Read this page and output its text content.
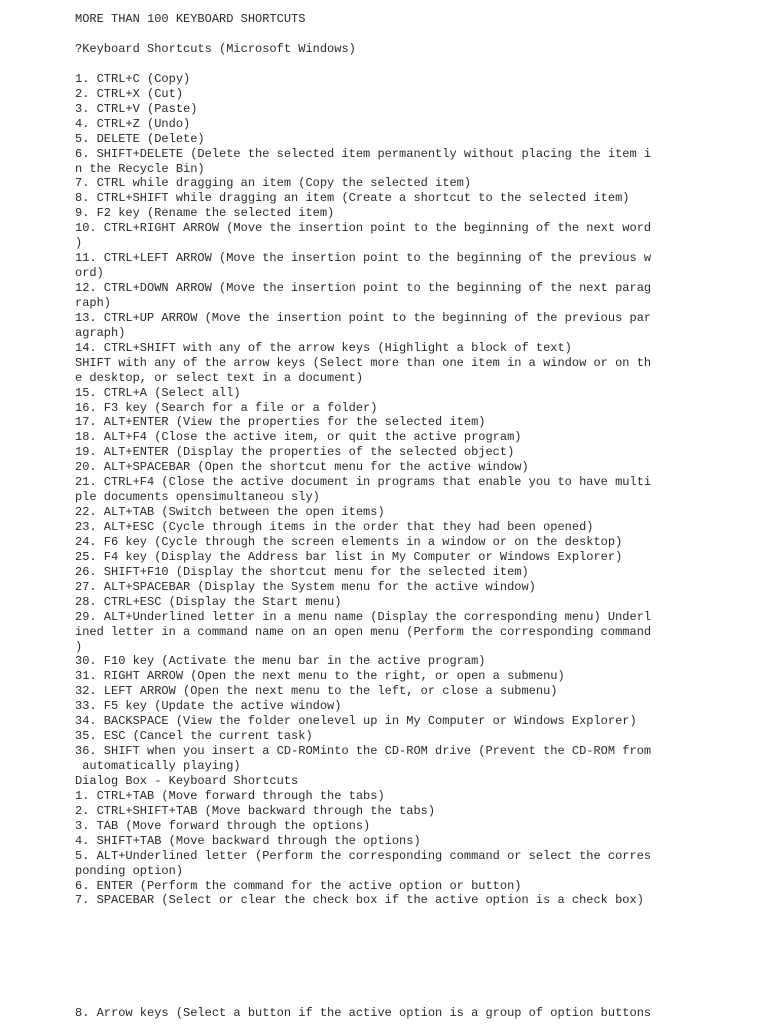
MORE THAN 100 KEYBOARD SHORTCUTS
?Keyboard Shortcuts (Microsoft Windows)
1. CTRL+C (Copy)
2. CTRL+X (Cut)
3. CTRL+V (Paste)
4. CTRL+Z (Undo)
5. DELETE (Delete)
6. SHIFT+DELETE (Delete the selected item permanently without placing the item i
n the Recycle Bin)
7. CTRL while dragging an item (Copy the selected item)
8. CTRL+SHIFT while dragging an item (Create a shortcut to the selected item)
9. F2 key (Rename the selected item)
10. CTRL+RIGHT ARROW (Move the insertion point to the beginning of the next word
)
11. CTRL+LEFT ARROW (Move the insertion point to the beginning of the previous w
ord)
12. CTRL+DOWN ARROW (Move the insertion point to the beginning of the next parag
raph)
13. CTRL+UP ARROW (Move the insertion point to the beginning of the previous par
agraph)
14. CTRL+SHIFT with any of the arrow keys (Highlight a block of text)
SHIFT with any of the arrow keys (Select more than one item in a window or on th
e desktop, or select text in a document)
15. CTRL+A (Select all)
16. F3 key (Search for a file or a folder)
17. ALT+ENTER (View the properties for the selected item)
18. ALT+F4 (Close the active item, or quit the active program)
19. ALT+ENTER (Display the properties of the selected object)
20. ALT+SPACEBAR (Open the shortcut menu for the active window)
21. CTRL+F4 (Close the active document in programs that enable you to have multi
ple documents opensimultaneou sly)
22. ALT+TAB (Switch between the open items)
23. ALT+ESC (Cycle through items in the order that they had been opened)
24. F6 key (Cycle through the screen elements in a window or on the desktop)
25. F4 key (Display the Address bar list in My Computer or Windows Explorer)
26. SHIFT+F10 (Display the shortcut menu for the selected item)
27. ALT+SPACEBAR (Display the System menu for the active window)
28. CTRL+ESC (Display the Start menu)
29. ALT+Underlined letter in a menu name (Display the corresponding menu) Underl
ined letter in a command name on an open menu (Perform the corresponding command
)
30. F10 key (Activate the menu bar in the active program)
31. RIGHT ARROW (Open the next menu to the right, or open a submenu)
32. LEFT ARROW (Open the next menu to the left, or close a submenu)
33. F5 key (Update the active window)
34. BACKSPACE (View the folder onelevel up in My Computer or Windows Explorer)
35. ESC (Cancel the current task)
36. SHIFT when you insert a CD-ROMinto the CD-ROM drive (Prevent the CD-ROM from
automatically playing)
Dialog Box - Keyboard Shortcuts
1. CTRL+TAB (Move forward through the tabs)
2. CTRL+SHIFT+TAB (Move backward through the tabs)
3. TAB (Move forward through the options)
4. SHIFT+TAB (Move backward through the options)
5. ALT+Underlined letter (Perform the corresponding command or select the corres
ponding option)
6. ENTER (Perform the command for the active option or button)
7. SPACEBAR (Select or clear the check box if the active option is a check box)
8. Arrow keys (Select a button if the active option is a group of option buttons
